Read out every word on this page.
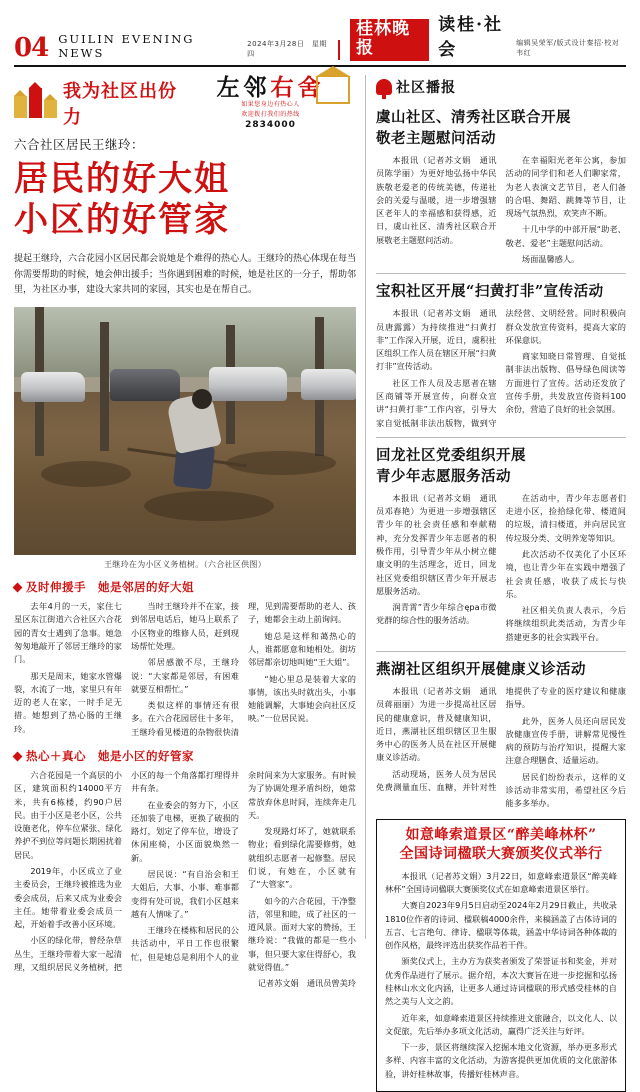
04 GUILIN EVENING NEWS
2024年3月28日　星期四
桂林晚报
读桂·社会	编辑吴荣军/版式设计秦招·校对韦红
我为社区出份力
左邻右舍
如果您身边有热心人
欢迎拨打我们的热线
2834000
六合社区居民王继玲：
居民的好大姐
小区的好管家
提起王继玲，六合花园小区居民都会说她是个难得的热心人。王继玲的热心体现在每当你需要帮助的时候，她会伸出援手；当你遇到困难的时候，她是社区的一分子，帮助邻里，为社区办事，建设大家共同的家园，其实也是在帮自己。
王继玲在为小区义务植树。（六合社区供图）
及时伸援手　她是邻居的好大姐

去年4月的一天，家住七星区东江街道六合社区六合花园的青女士遇到了急事。她急匆匆地敲开了邻居王继玲的家门。

那天是周末，她家水管爆裂，水流了一地，家里只有年迈的老人在家，一时手足无措。她想到了热心肠的王继玲。

当时王继玲并不在家，接到邻居电话后，她马上联系了小区物业的维修人员，赶到现场帮忙处理。

邻居感激不尽，王继玲说：“大家都是邻居，有困难就要互相帮忙。”

类似这样的事情还有很多。在六合花园居住十多年，王继玲看见楼道的杂物很快清理，见到需要帮助的老人、孩子，她都会主动上前询问。

她总是这样和蔼热心的人，谁都愿意和她相处。街坊邻居都亲切地叫她“王大姐”。

“她心里总是装着大家的事情，该出头时就出头，小事她能调解，大事她会向社区反映。”一位居民说。

热心＋真心　她是小区的好管家

六合花园是一个高层的小区，建筑面积约14000平方米，共有6栋楼，约90户居民。由于小区是老小区，公共设施老化，停车位紧张、绿化养护不到位等问题长期困扰着居民。

2019年，小区成立了业主委员会，王继玲被推选为业委会成员，后来又成为业委会主任。她带着业委会成员一起，开始着手改善小区环境。

小区的绿化带，曾经杂草丛生，王继玲带着大家一起清理，又组织居民义务植树，把小区的每一个角落都打理得井井有条。

在业委会的努力下，小区还加装了电梯，更换了破损的路灯，划定了停车位，增设了休闲座椅，小区面貌焕然一新。

居民说：“有自治会和王大姐后，大事、小事、难事都变得有处可说，我们小区越来越有人情味了。”

王继玲在楼栋和居民的公共活动中，平日工作也很繁忙，但是她总是利用个人的业余时间来为大家服务。有时候为了协调处理矛盾纠纷，她常常放弃休息时间，连续奔走几天。

发现路灯坏了，她就联系物业；看到绿化需要修剪，她就组织志愿者一起修整。居民们说，有她在，小区就有了“大管家”。

如今的六合花园，干净整洁，邻里和睦，成了社区的一道风景。面对大家的赞扬，王继玲说：“我做的都是一些小事，但只要大家住得舒心，我就觉得值。”

记者苏文娟　通讯员曾美玲
社区播报
虞山社区、清秀社区联合开展
敬老主题慰问活动

本报讯（记者苏文娟　通讯员陈学丽）为更好地弘扬中华民族敬老爱老的传统美德，传递社会的关爱与温暖，进一步增强辖区老年人的幸福感和获得感，近日，虞山社区、清秀社区联合开展敬老主题慰问活动。

在幸福阳光老年公寓，参加活动的同学们和老人们聊家常，为老人表演文艺节目，老人们备的合唱、舞蹈、跳舞等节目，让现场气氛热烈，欢笑声不断。

十几中学的中部开展“助老、敬老、爱老”主题慰问活动。

场面温馨感人。

宝积社区开展“扫黄打非”宣传活动

本报讯（记者苏文娟　通讯员唐露露）为持续推进“扫黄打非”工作深入开展，近日，虞积社区组织工作人员在辖区开展“扫黄打非”宣传活动。

社区工作人员及志愿者在辖区商铺等开展宣传，向群众宣讲“扫黄打非”工作内容，引导大家自觉抵制非法出版物，做到守法经营、文明经营。同时积极向群众发放宣传资料，提高大家的环保意识。

商家知晓日常管理、自觉抵制非法出版物、倡导绿色阅读等方面进行了宣传。活动还发放了宣传手册，共发放宣传资料100余份，营造了良好的社会氛围。

回龙社区党委组织开展
青少年志愿服务活动

本报讯（记者苏文娟　通讯员邓春艳）为更进一步增强辖区青少年的社会责任感和奉献精神，充分发挥青少年志愿者的积极作用，引导青少年从小树立健康文明的生活理念，近日，回龙社区党委组织辖区青少年开展志愿服务活动。

润青霄”青少年综合ępa市微党群的综合性的服务活动。

在活动中，青少年志愿者们走进小区，捡拾绿化带、楼道间的垃圾，清扫楼道，并向居民宣传垃圾分类、文明养宠等知识。

此次活动不仅美化了小区环境，也让青少年在实践中增强了社会责任感，收获了成长与快乐。

社区相关负责人表示，今后将继续组织此类活动，为青少年搭建更多的社会实践平台。

燕湖社区组织开展健康义诊活动

本报讯（记者苏文娟　通讯员蒋丽丽）为进一步提高社区居民的健康意识，普及健康知识，近日，燕湖社区组织辖区卫生服务中心的医务人员在社区开展健康义诊活动。

活动现场，医务人员为居民免费测量血压、血糖，并针对性地提供了专业的医疗建议和健康指导。

此外，医务人员还向居民发放健康宣传手册，讲解常见慢性病的预防与治疗知识，提醒大家注意合理膳食、适量运动。

居民们纷纷表示，这样的义诊活动非常实用，希望社区今后能多多举办。

如意峰索道景区“醉美峰林杯”
全国诗词楹联大赛颁奖仪式举行

本报讯（记者苏文娟）3月22日，如意峰索道景区“醉美峰林杯”全国诗词楹联大赛颁奖仪式在如意峰索道景区举行。

大赛自2023年9月5日启动至2024年2月29日截止，共收录1810位作者的诗词、楹联稿4000余件，来稿涵盖了古体诗词的五言、七言绝句、律诗、楹联等体裁，涵盖中华诗词各种体裁的创作风格，最终评选出获奖作品若干件。

颁奖仪式上，主办方为获奖者颁发了荣誉证书和奖金，并对优秀作品进行了展示。据介绍，本次大赛旨在进一步挖掘和弘扬桂林山水文化内涵，让更多人通过诗词楹联的形式感受桂林的自然之美与人文之韵。

近年来，如意峰索道景区持续推进文旅融合，以文化人、以文促旅，先后举办多项文化活动，赢得广泛关注与好评。

下一步，景区将继续深入挖掘本地文化资源，举办更多形式多样、内容丰富的文化活动，为游客提供更加优质的文化旅游体验，讲好桂林故事，传播好桂林声音。
